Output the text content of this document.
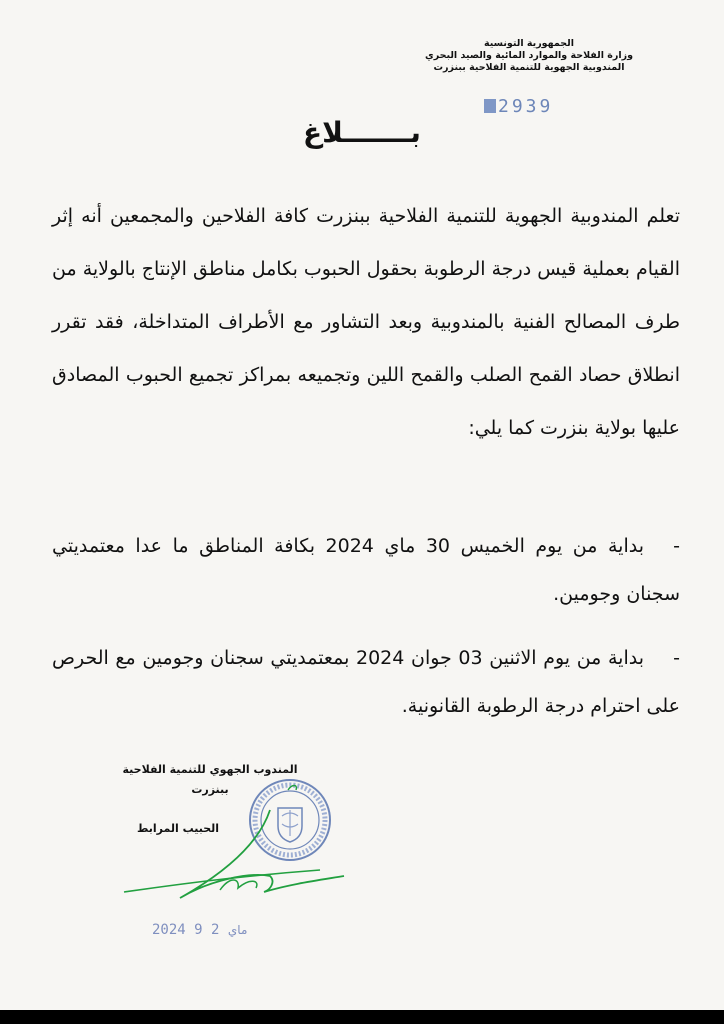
الجمهورية التونسية
وزارة الفلاحة والموارد المائية والصيد البحري
المندوبية الجهوية للتنمية الفلاحية ببنزرت
2939
بـــــــلاغ
تعلم المندوبية الجهوية للتنمية الفلاحية ببنزرت كافة الفلاحين والمجمعين أنه إثر القيام بعملية قيس درجة الرطوبة بحقول الحبوب بكامل مناطق الإنتاج بالولاية من طرف المصالح الفنية بالمندوبية وبعد التشاور مع الأطراف المتداخلة، فقد تقرر انطلاق حصاد القمح الصلب والقمح اللين وتجميعه بمراكز تجميع الحبوب المصادق عليها بولاية بنزرت كما يلي:
-بداية من يوم الخميس 30 ماي 2024 بكافة المناطق ما عدا معتمديتي سجنان وجومين.
-بداية من يوم الاثنين 03 جوان 2024 بمعتمديتي سجنان وجومين مع الحرص على احترام درجة الرطوبة القانونية.
المندوب الجهوي للتنمية الفلاحية
ببنزرت
الحبيب المرابط
2024	ماي 2 9
